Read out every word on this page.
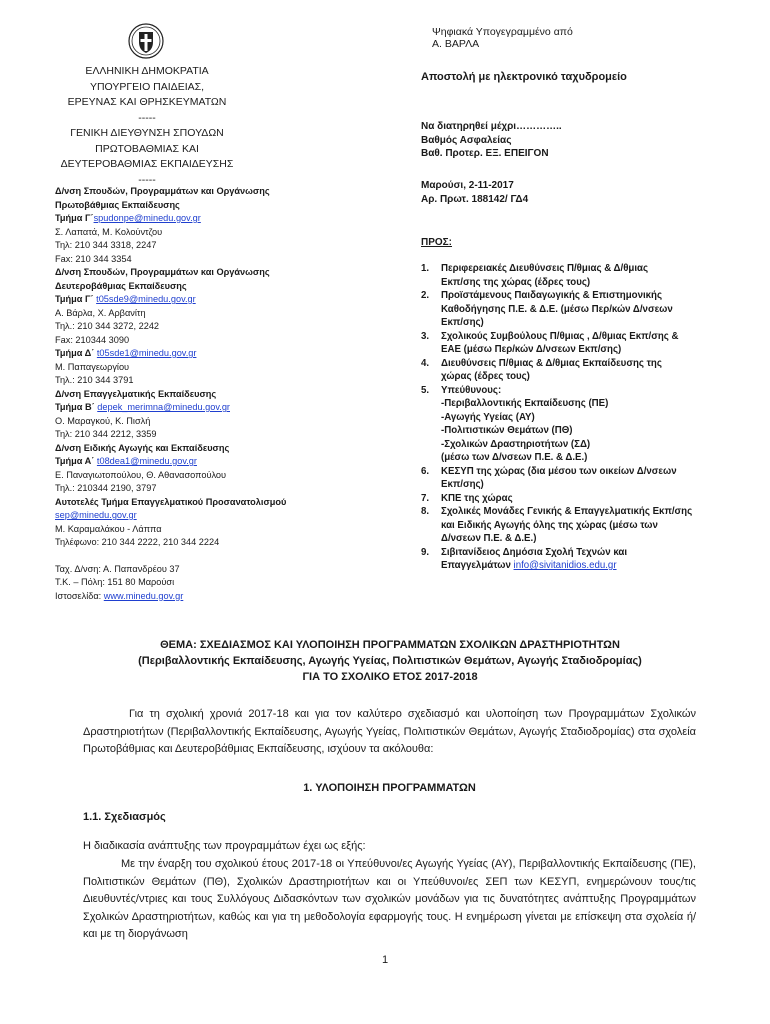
ΕΛΛΗΝΙΚΗ ΔΗΜΟΚΡΑΤΙΑ
ΥΠΟΥΡΓΕΙΟ ΠΑΙΔΕΙΑΣ,
ΕΡΕΥΝΑΣ ΚΑΙ ΘΡΗΣΚΕΥΜΑΤΩΝ
-----
ΓΕΝΙΚΗ ΔΙΕΥΘΥΝΣΗ ΣΠΟΥΔΩΝ
ΠΡΩΤΟΒΑΘΜΙΑΣ ΚΑΙ
ΔΕΥΤΕΡΟΒΑΘΜΙΑΣ ΕΚΠΑΙΔΕΥΣΗΣ
-----
Δ/νση Σπουδών, Προγραμμάτων και Οργάνωσης
Πρωτοβάθμιας Εκπαίδευσης
Τμήμα Γ΄spudonpe@minedu.gov.gr
Σ. Λαπατά, Μ. Κολούντζου
Τηλ: 210 344 3318, 2247
Fax: 210 344 3354
Δ/νση Σπουδών, Προγραμμάτων και Οργάνωσης
Δευτεροβάθμιας Εκπαίδευσης
Τμήμα Γ΄ t05sde9@minedu.gov.gr
Α. Βάρλα, Χ. Αρβανίτη
Τηλ.: 210 344 3272, 2242
Fax: 210344 3090
Τμήμα Δ΄ t05sde1@minedu.gov.gr
Μ. Παπαγεωργίου
Τηλ.: 210 344 3791
Δ/νση Επαγγελματικής Εκπαίδευσης
Τμήμα Β΄ depek_merimna@minedu.gov.gr
Ο. Μαραγκού, Κ. Πισλή
Τηλ: 210 344 2212, 3359
Δ/νση Ειδικής Αγωγής και Εκπαίδευσης
Τμήμα Α΄ t08dea1@minedu.gov.gr
Ε. Παναγιωτοπούλου, Θ. Αθανασοπούλου
Τηλ.: 210344 2190, 3797
Αυτοτελές Τμήμα Επαγγελματικού Προσανατολισμού
sep@minedu.gov.gr
Μ. Καραμαλάκου - Λάππα
Τηλέφωνο: 210 344 2222, 210 344 2224
Ταχ. Δ/νση: Α. Παπανδρέου 37
Τ.Κ. – Πόλη: 151 80 Μαρούσι
Ιστοσελίδα: www.minedu.gov.gr
Ψηφιακά Υπογεγραμμένο από
Α. ΒΑΡΛΑ
Αποστολή με ηλεκτρονικό ταχυδρομείο
Να διατηρηθεί μέχρι…………..
Βαθμός Ασφαλείας
Βαθ. Προτερ. ΕΞ. ΕΠΕΙΓΟΝ
Μαρούσι, 2-11-2017
Αρ. Πρωτ. 188142/ ΓΔ4
ΠΡΟΣ:
1. Περιφερειακές Διευθύνσεις Π/θμιας & Δ/θμιας
Εκπ/σης της χώρας (έδρες τους)
2. Προϊστάμενους Παιδαγωγικής & Επιστημονικής
Καθοδήγησης Π.Ε. & Δ.Ε. (μέσω Περ/κών Δ/νσεων
Εκπ/σης)
3. Σχολικούς Συμβούλους Π/θμιας , Δ/θμιας Εκπ/σης &
ΕΑΕ (μέσω Περ/κών Δ/νσεων Εκπ/σης)
4. Διευθύνσεις Π/θμιας & Δ/θμιας Εκπαίδευσης της
χώρας (έδρες τους)
5. Υπεύθυνους:
-Περιβαλλοντικής Εκπαίδευσης (ΠΕ)
-Αγωγής Υγείας (ΑΥ)
-Πολιτιστικών Θεμάτων (ΠΘ)
-Σχολικών Δραστηριοτήτων (ΣΔ)
(μέσω των Δ/νσεων Π.Ε. & Δ.Ε.)
6. ΚΕΣΥΠ της χώρας (δια μέσου των οικείων Δ/νσεων
Εκπ/σης)
7. ΚΠΕ της χώρας
8. Σχολικές Μονάδες Γενικής & Επαγγελματικής Εκπ/σης
και Ειδικής Αγωγής όλης της χώρας (μέσω των
Δ/νσεων Π.Ε. & Δ.Ε.)
9. Σιβιτανίδειος Δημόσια Σχολή Τεχνών και
Επαγγελμάτων info@sivitanidios.edu.gr
ΘΕΜΑ: ΣΧΕΔΙΑΣΜΟΣ ΚΑΙ ΥΛΟΠΟΙΗΣΗ ΠΡΟΓΡΑΜΜΑΤΩΝ ΣΧΟΛΙΚΩΝ ΔΡΑΣΤΗΡΙΟΤΗΤΩΝ
(Περιβαλλοντικής Εκπαίδευσης, Αγωγής Υγείας, Πολιτιστικών Θεμάτων, Αγωγής Σταδιοδρομίας)
ΓΙΑ ΤΟ ΣΧΟΛΙΚΟ ΕΤΟΣ 2017-2018
Για τη σχολική χρονιά 2017-18 και για τον καλύτερο σχεδιασμό και υλοποίηση των Προγραμμάτων Σχολικών Δραστηριοτήτων (Περιβαλλοντικής Εκπαίδευσης, Αγωγής Υγείας, Πολιτιστικών Θεμάτων, Αγωγής Σταδιοδρομίας) στα σχολεία Πρωτοβάθμιας και Δευτεροβάθμιας Εκπαίδευσης, ισχύουν τα ακόλουθα:
1. ΥΛΟΠΟΙΗΣΗ ΠΡΟΓΡΑΜΜΑΤΩΝ
1.1. Σχεδιασμός
Η διαδικασία ανάπτυξης των προγραμμάτων έχει ως εξής:
Με την έναρξη του σχολικού έτους 2017-18 οι Υπεύθυνοι/ες Αγωγής Υγείας (ΑΥ), Περιβαλλοντικής Εκπαίδευσης (ΠΕ), Πολιτιστικών Θεμάτων (ΠΘ), Σχολικών Δραστηριοτήτων και οι Υπεύθυνοι/ες ΣΕΠ των ΚΕΣΥΠ, ενημερώνουν τους/τις Διευθυντές/ντριες και τους Συλλόγους Διδασκόντων των σχολικών μονάδων για τις δυνατότητες ανάπτυξης Προγραμμάτων Σχολικών Δραστηριοτήτων, καθώς και για τη μεθοδολογία εφαρμογής τους. Η ενημέρωση γίνεται με επίσκεψη στα σχολεία ή/και με τη διοργάνωση
1
